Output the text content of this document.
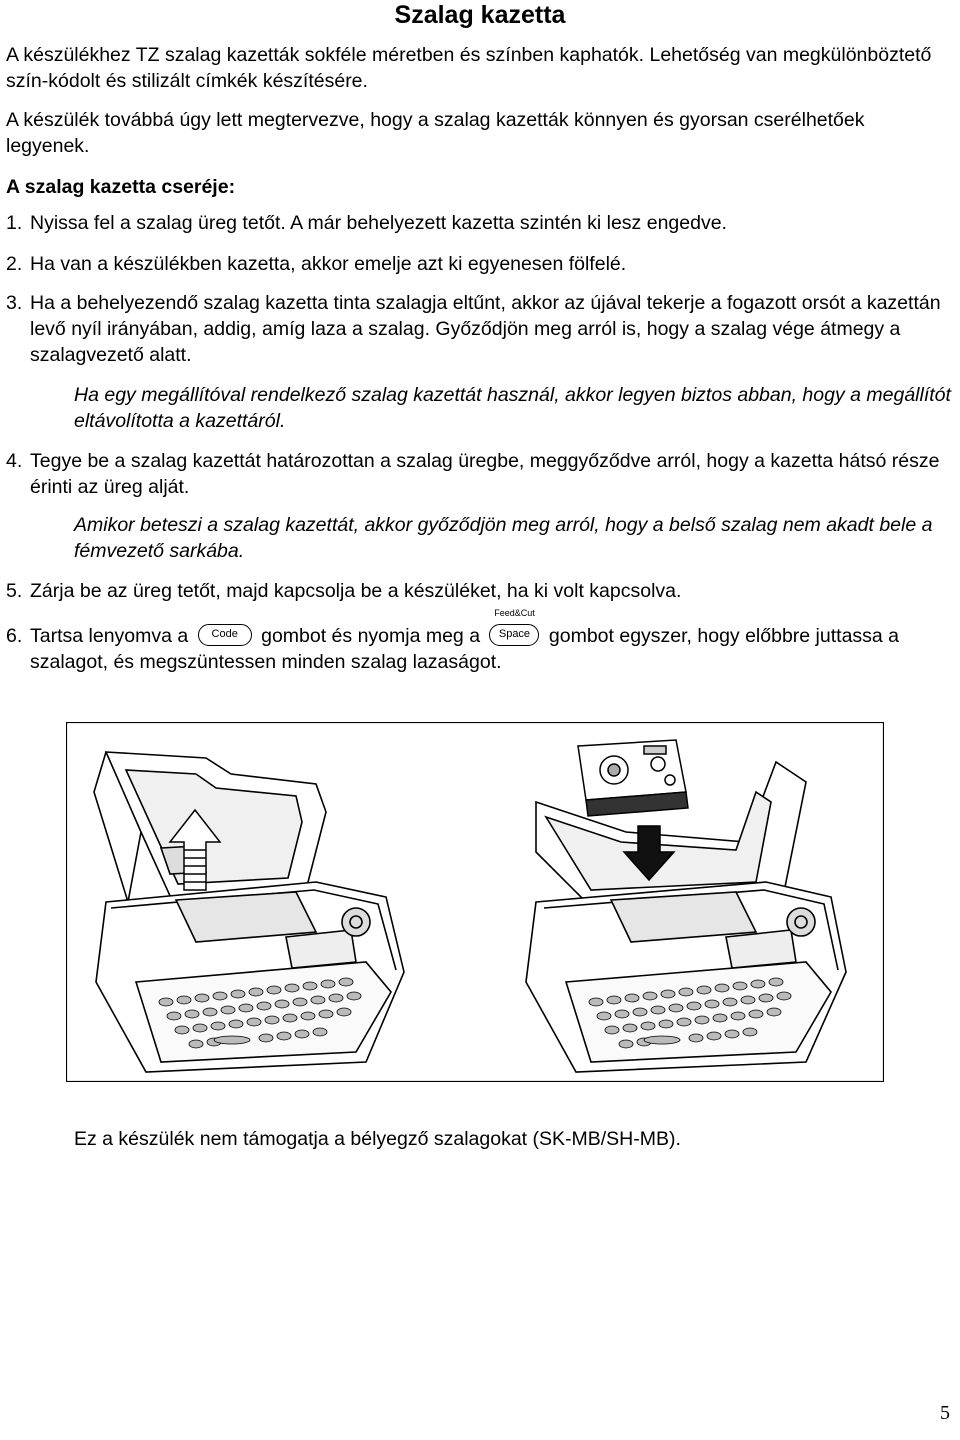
Szalag kazetta

A készülékhez TZ szalag kazetták sokféle méretben és színben kaphatók. Lehetőség van megkülönböztető szín-kódolt és stilizált címkék készítésére.

A készülék továbbá úgy lett megtervezve, hogy a szalag kazetták könnyen és gyorsan cserélhetőek legyenek.

A szalag kazetta cseréje:

1. Nyissa fel a szalag üreg tetőt. A már behelyezett kazetta szintén ki lesz engedve.

2. Ha van a készülékben kazetta, akkor emelje azt ki egyenesen fölfelé.

3. Ha a behelyezendő szalag kazetta tinta szalagja eltűnt, akkor az újával tekerje a fogazott orsót a kazettán levő nyíl irányában, addig, amíg laza a szalag. Győződjön meg arról is, hogy a szalag vége átmegy a szalagvezető alatt.

Ha egy megállítóval rendelkező szalag kazettát használ, akkor legyen biztos abban, hogy a megállítót eltávolította a kazettáról.

4. Tegye be a szalag kazettát határozottan a szalag üregbe, meggyőződve arról, hogy a kazetta hátsó része érinti az üreg alját.

Amikor beteszi a szalag kazettát, akkor győződjön meg arról, hogy a belső szalag nem akadt bele a fémvezető sarkába.

5. Zárja be az üreg tetőt, majd kapcsolja be a készüléket, ha ki volt kapcsolva.

6. Tartsa lenyomva a Code gombot és nyomja meg a
Feed&Cut
Space gombot egyszer, hogy előbbre juttassa a szalagot, és megszüntessen minden szalag lazaságot.

Ez a készülék nem támogatja a bélyegző szalagokat (SK-MB/SH-MB).

5
